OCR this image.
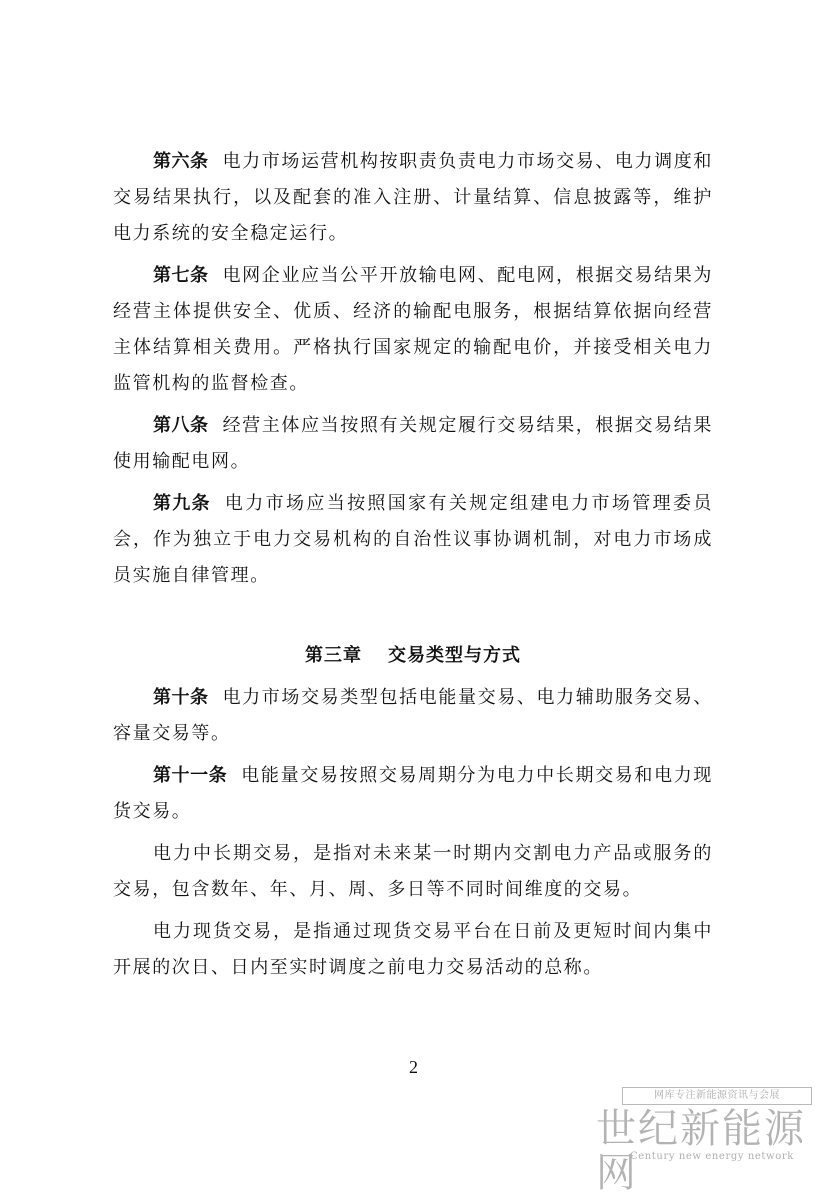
第六条 电力市场运营机构按职责负责电力市场交易、电力调度和交易结果执行，以及配套的准入注册、计量结算、信息披露等，维护电力系统的安全稳定运行。

第七条 电网企业应当公平开放输电网、配电网，根据交易结果为经营主体提供安全、优质、经济的输配电服务，根据结算依据向经营主体结算相关费用。严格执行国家规定的输配电价，并接受相关电力监管机构的监督检查。

第八条 经营主体应当按照有关规定履行交易结果，根据交易结果使用输配电网。

第九条 电力市场应当按照国家有关规定组建电力市场管理委员会，作为独立于电力交易机构的自治性议事协调机制，对电力市场成员实施自律管理。

第三章 交易类型与方式

第十条 电力市场交易类型包括电能量交易、电力辅助服务交易、容量交易等。

第十一条 电能量交易按照交易周期分为电力中长期交易和电力现货交易。

电力中长期交易，是指对未来某一时期内交割电力产品或服务的交易，包含数年、年、月、周、多日等不同时间维度的交易。

电力现货交易，是指通过现货交易平台在日前及更短时间内集中开展的次日、日内至实时调度之前电力交易活动的总称。

2
网库专注新能源资讯与会展
世纪新能源网
Century new energy network
